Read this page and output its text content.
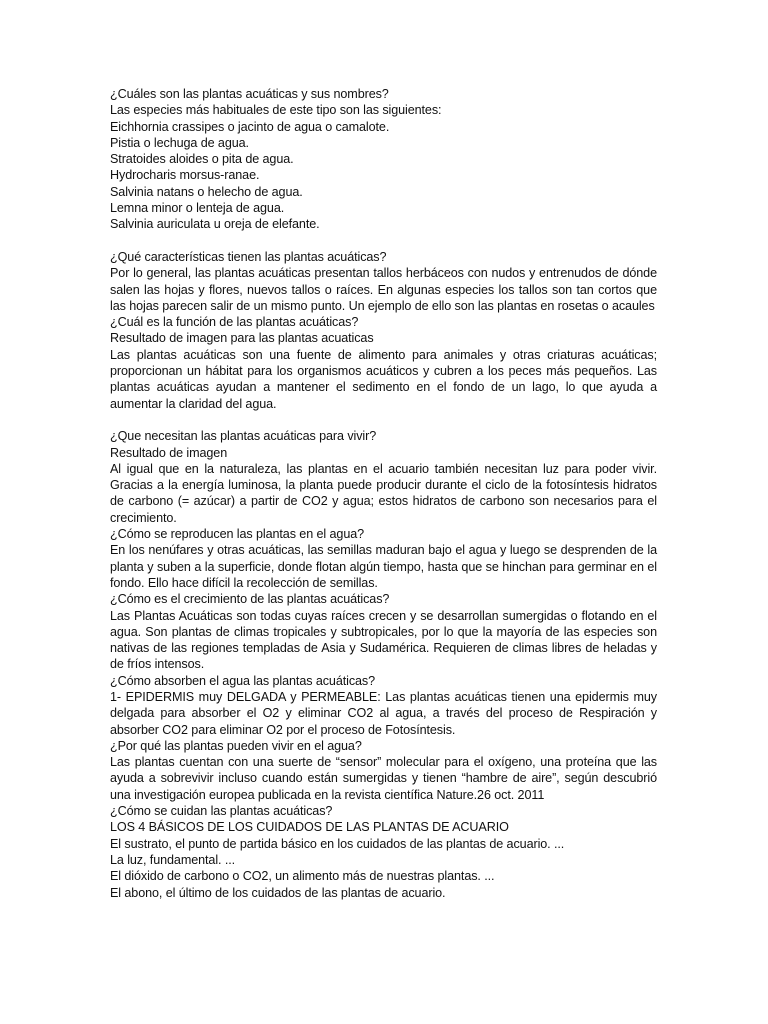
¿Cuáles son las plantas acuáticas y sus nombres?

Las especies más habituales de este tipo son las siguientes:

Eichhornia crassipes o jacinto de agua o camalote.

Pistia o lechuga de agua.

Stratoides aloides o pita de agua.

Hydrocharis morsus-ranae.

Salvinia natans o helecho de agua.

Lemna minor o lenteja de agua.

Salvinia auriculata u oreja de elefante.

¿Qué características tienen las plantas acuáticas?

Por lo general, las plantas acuáticas presentan tallos herbáceos con nudos y entrenudos de dónde salen las hojas y flores, nuevos tallos o raíces. En algunas especies los tallos son tan cortos que las hojas parecen salir de un mismo punto. Un ejemplo de ello son las plantas en rosetas o acaules

¿Cuál es la función de las plantas acuáticas?

Resultado de imagen para las plantas acuaticas

Las plantas acuáticas son una fuente de alimento para animales y otras criaturas acuáticas; proporcionan un hábitat para los organismos acuáticos y cubren a los peces más pequeños. Las plantas acuáticas ayudan a mantener el sedimento en el fondo de un lago, lo que ayuda a aumentar la claridad del agua.

¿Que necesitan las plantas acuáticas para vivir?

Resultado de imagen

Al igual que en la naturaleza, las plantas en el acuario también necesitan luz para poder vivir. Gracias a la energía luminosa, la planta puede producir durante el ciclo de la fotosíntesis hidratos de carbono (= azúcar) a partir de CO2 y agua; estos hidratos de carbono son necesarios para el crecimiento.

¿Cómo se reproducen las plantas en el agua?

En los nenúfares y otras acuáticas, las semillas maduran bajo el agua y luego se desprenden de la planta y suben a la superficie, donde flotan algún tiempo, hasta que se hinchan para germinar en el fondo. Ello hace difícil la recolección de semillas.

¿Cómo es el crecimiento de las plantas acuáticas?

Las Plantas Acuáticas son todas cuyas raíces crecen y se desarrollan sumergidas o flotando en el agua. Son plantas de climas tropicales y subtropicales, por lo que la mayoría de las especies son nativas de las regiones templadas de Asia y Sudamérica. Requieren de climas libres de heladas y de fríos intensos.

¿Cómo absorben el agua las plantas acuáticas?

1- EPIDERMIS muy DELGADA y PERMEABLE: Las plantas acuáticas tienen una epidermis muy delgada para absorber el O2 y eliminar CO2 al agua, a través del proceso de Respiración y absorber CO2 para eliminar O2 por el proceso de Fotosíntesis.

¿Por qué las plantas pueden vivir en el agua?

Las plantas cuentan con una suerte de “sensor” molecular para el oxígeno, una proteína que las ayuda a sobrevivir incluso cuando están sumergidas y tienen “hambre de aire”, según descubrió una investigación europea publicada en la revista científica Nature.26 oct. 2011

¿Cómo se cuidan las plantas acuáticas?

LOS 4 BÁSICOS DE LOS CUIDADOS DE LAS PLANTAS DE ACUARIO

El sustrato, el punto de partida básico en los cuidados de las plantas de acuario. ...

La luz, fundamental. ...

El dióxido de carbono o CO2, un alimento más de nuestras plantas. ...

El abono, el último de los cuidados de las plantas de acuario.
